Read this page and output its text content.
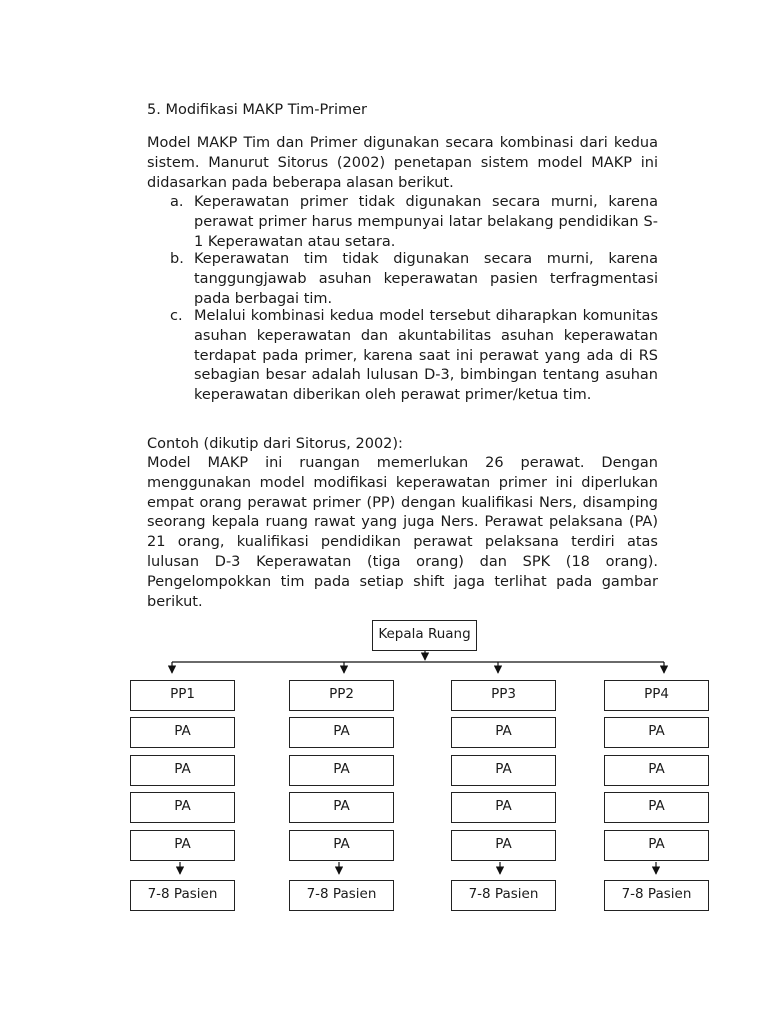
5. Modifikasi MAKP Tim-Primer
Model MAKP Tim dan Primer digunakan secara kombinasi dari kedua sistem. Manurut Sitorus (2002) penetapan sistem model MAKP ini didasarkan pada beberapa alasan berikut.
a. Keperawatan primer tidak digunakan secara murni, karena perawat primer harus mempunyai latar belakang pendidikan S-1 Keperawatan atau setara.
b. Keperawatan tim tidak digunakan secara murni, karena tanggungjawab asuhan keperawatan pasien terfragmentasi pada berbagai tim.
c. Melalui kombinasi kedua model tersebut diharapkan komunitas asuhan keperawatan dan akuntabilitas asuhan keperawatan terdapat pada primer, karena saat ini perawat yang ada di RS sebagian besar adalah lulusan D-3, bimbingan tentang asuhan keperawatan diberikan oleh perawat primer/ketua tim.
Contoh (dikutip dari Sitorus, 2002):
Model MAKP ini ruangan memerlukan 26 perawat. Dengan menggunakan model modifikasi keperawatan primer ini diperlukan empat orang perawat primer (PP) dengan kualifikasi Ners, disamping seorang kepala ruang rawat yang juga Ners. Perawat pelaksana (PA) 21 orang, kualifikasi pendidikan perawat pelaksana terdiri atas lulusan D-3 Keperawatan (tiga orang) dan SPK (18 orang). Pengelompokkan tim pada setiap shift jaga terlihat pada gambar berikut.
Kepala Ruang
PP1
PA
PA
PA
PA
7-8 Pasien
PP2
PA
PA
PA
PA
7-8 Pasien
PP3
PA
PA
PA
PA
7-8 Pasien
PP4
PA
PA
PA
PA
7-8 Pasien
